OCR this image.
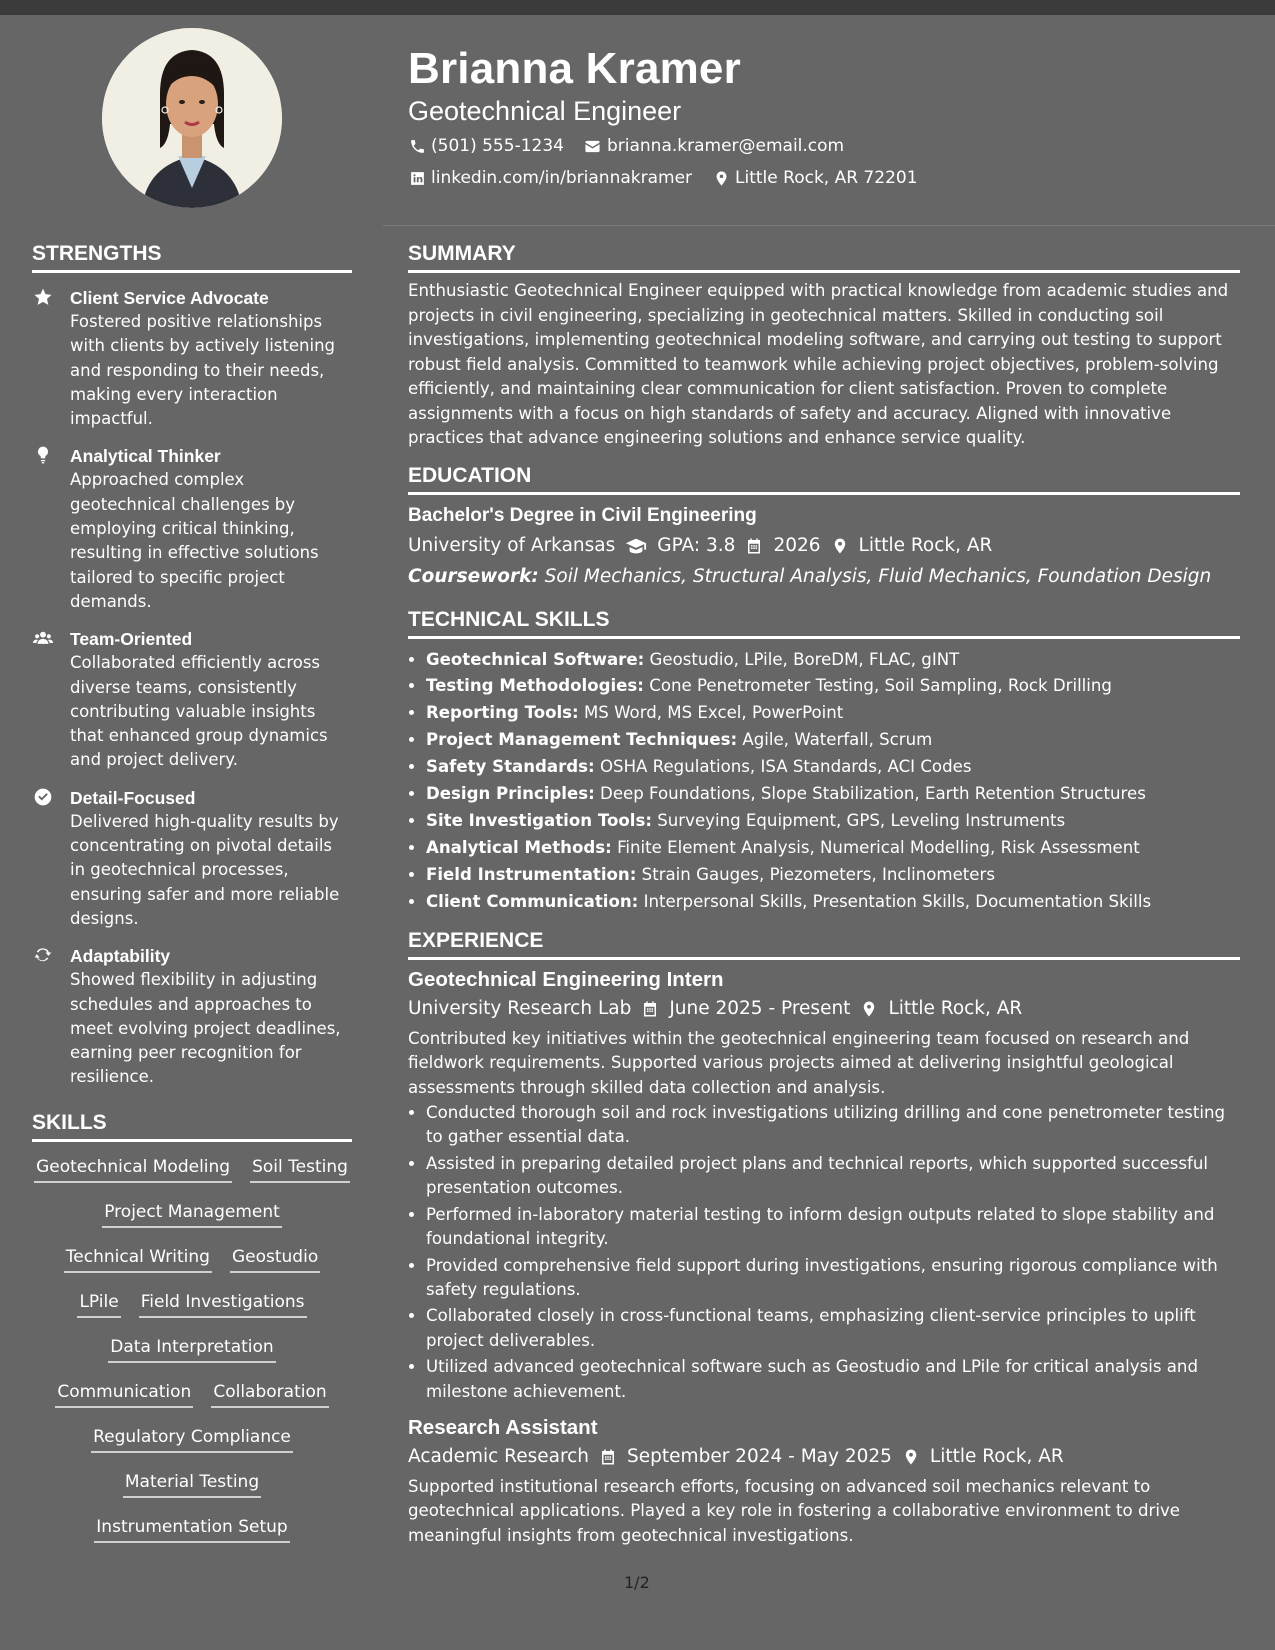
Brianna Kramer
Geotechnical Engineer
(501) 555-1234	brianna.kramer@email.com
linkedin.com/in/briannakramer	Little Rock, AR 72201
STRENGTHS
Client Service Advocate
Fostered positive relationships with clients by actively listening and responding to their needs, making every interaction impactful.
Analytical Thinker
Approached complex geotechnical challenges by employing critical thinking, resulting in effective solutions tailored to specific project demands.
Team-Oriented
Collaborated efficiently across diverse teams, consistently contributing valuable insights that enhanced group dynamics and project delivery.
Detail-Focused
Delivered high-quality results by concentrating on pivotal details in geotechnical processes, ensuring safer and more reliable designs.
Adaptability
Showed flexibility in adjusting schedules and approaches to meet evolving project deadlines, earning peer recognition for resilience.
SKILLS
Geotechnical Modeling Soil Testing
Project Management
Technical Writing Geostudio
LPile Field Investigations
Data Interpretation
Communication Collaboration
Regulatory Compliance
Material Testing
Instrumentation Setup
SUMMARY

Enthusiastic Geotechnical Engineer equipped with practical knowledge from academic studies and projects in civil engineering, specializing in geotechnical matters. Skilled in conducting soil investigations, implementing geotechnical modeling software, and carrying out testing to support robust field analysis. Committed to teamwork while achieving project objectives, problem-solving efficiently, and maintaining clear communication for client satisfaction. Proven to complete assignments with a focus on high standards of safety and accuracy. Aligned with innovative practices that advance engineering solutions and enhance service quality.

EDUCATION
Bachelor's Degree in Civil Engineering
University of Arkansas GPA: 3.8 2026 Little Rock, AR
Coursework: Soil Mechanics, Structural Analysis, Fluid Mechanics, Foundation Design
TECHNICAL SKILLS
• Geotechnical Software: Geostudio, LPile, BoreDM, FLAC, gINT
• Testing Methodologies: Cone Penetrometer Testing, Soil Sampling, Rock Drilling
• Reporting Tools: MS Word, MS Excel, PowerPoint
• Project Management Techniques: Agile, Waterfall, Scrum
• Safety Standards: OSHA Regulations, ISA Standards, ACI Codes
• Design Principles: Deep Foundations, Slope Stabilization, Earth Retention Structures
• Site Investigation Tools: Surveying Equipment, GPS, Leveling Instruments
• Analytical Methods: Finite Element Analysis, Numerical Modelling, Risk Assessment
• Field Instrumentation: Strain Gauges, Piezometers, Inclinometers
• Client Communication: Interpersonal Skills, Presentation Skills, Documentation Skills
EXPERIENCE
Geotechnical Engineering Intern
University Research Lab June 2025 - Present Little Rock, AR

Contributed key initiatives within the geotechnical engineering team focused on research and fieldwork requirements. Supported various projects aimed at delivering insightful geological assessments through skilled data collection and analysis.

• Conducted thorough soil and rock investigations utilizing drilling and cone penetrometer testing to gather essential data.
• Assisted in preparing detailed project plans and technical reports, which supported successful presentation outcomes.
• Performed in-laboratory material testing to inform design outputs related to slope stability and foundational integrity.
• Provided comprehensive field support during investigations, ensuring rigorous compliance with safety regulations.
• Collaborated closely in cross-functional teams, emphasizing client-service principles to uplift project deliverables.
• Utilized advanced geotechnical software such as Geostudio and LPile for critical analysis and milestone achievement.
Research Assistant
Academic Research September 2024 - May 2025 Little Rock, AR

Supported institutional research efforts, focusing on advanced soil mechanics relevant to geotechnical applications. Played a key role in fostering a collaborative environment to drive meaningful insights from geotechnical investigations.

1/2
